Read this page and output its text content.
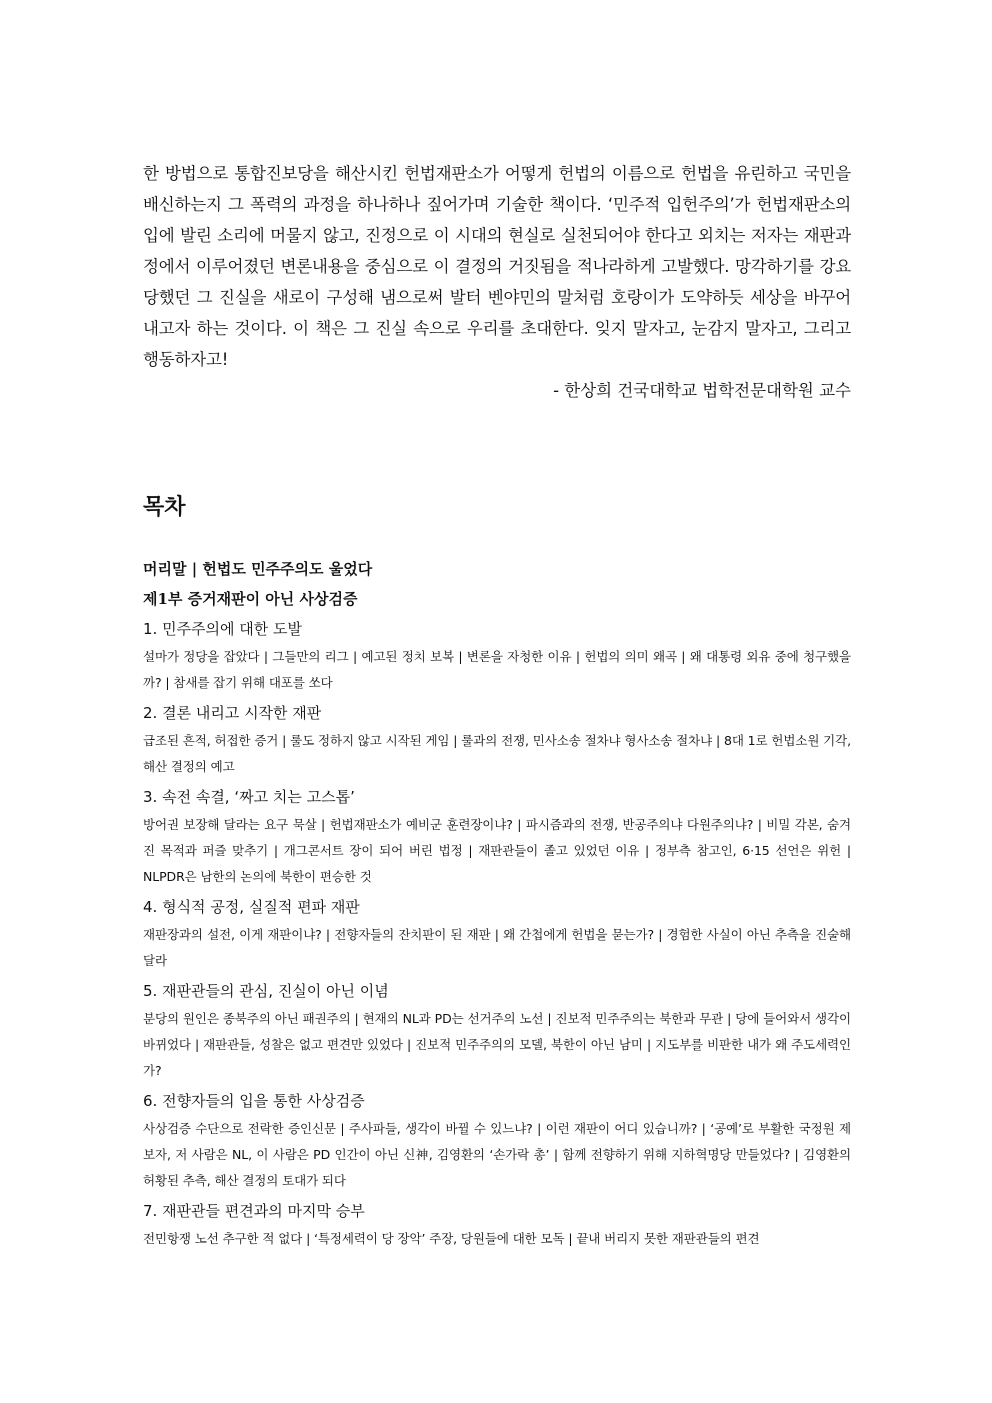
한 방법으로 통합진보당을 해산시킨 헌법재판소가 어떻게 헌법의 이름으로 헌법을 유린하고 국민을 배신하는지 그 폭력의 과정을 하나하나 짚어가며 기술한 책이다. ‘민주적 입헌주의’가 헌법재판소의 입에 발린 소리에 머물지 않고, 진정으로 이 시대의 현실로 실천되어야 한다고 외치는 저자는 재판과정에서 이루어졌던 변론내용을 중심으로 이 결정의 거짓됨을 적나라하게 고발했다. 망각하기를 강요당했던 그 진실을 새로이 구성해 냄으로써 발터 벤야민의 말처럼 호랑이가 도약하듯 세상을 바꾸어 내고자 하는 것이다. 이 책은 그 진실 속으로 우리를 초대한다. 잊지 말자고, 눈감지 말자고, 그리고 행동하자고!

- 한상희 건국대학교 법학전문대학원 교수

목차

머리말 | 헌법도 민주주의도 울었다

제1부 증거재판이 아닌 사상검증

1. 민주주의에 대한 도발

설마가 정당을 잡았다 | 그들만의 리그 | 예고된 정치 보복 | 변론을 자청한 이유 | 헌법의 의미 왜곡 | 왜 대통령 외유 중에 청구했을까? | 참새를 잡기 위해 대포를 쏘다

2. 결론 내리고 시작한 재판

급조된 흔적, 허접한 증거 | 룰도 정하지 않고 시작된 게임 | 룰과의 전쟁, 민사소송 절차냐 형사소송 절차냐 | 8대 1로 헌법소원 기각, 해산 결정의 예고

3. 속전 속결, ‘짜고 치는 고스톱’

방어권 보장해 달라는 요구 묵살 | 헌법재판소가 예비군 훈련장이냐? | 파시즘과의 전쟁, 반공주의냐 다원주의냐? | 비밀 각본, 숨겨진 목적과 퍼즐 맞추기 | 개그콘서트 장이 되어 버린 법정 | 재판관들이 졸고 있었던 이유 | 정부측 참고인, 6·15 선언은 위헌 | NLPDR은 남한의 논의에 북한이 편승한 것

4. 형식적 공정, 실질적 편파 재판

재판장과의 설전, 이게 재판이냐? | 전향자들의 잔치판이 된 재판 | 왜 간첩에게 헌법을 묻는가? | 경험한 사실이 아닌 추측을 진술해 달라

5. 재판관들의 관심, 진실이 아닌 이념

분당의 원인은 종북주의 아닌 패권주의 | 현재의 NL과 PD는 선거주의 노선 | 진보적 민주주의는 북한과 무관 | 당에 들어와서 생각이 바뀌었다 | 재판관들, 성찰은 없고 편견만 있었다 | 진보적 민주주의의 모델, 북한이 아닌 남미 | 지도부를 비판한 내가 왜 주도세력인가?

6. 전향자들의 입을 통한 사상검증

사상검증 수단으로 전락한 증인신문 | 주사파들, 생각이 바뀔 수 있느냐? | 이런 재판이 어디 있습니까? | ‘공예’로 부활한 국정원 제보자, 저 사람은 NL, 이 사람은 PD 인간이 아닌 신神, 김영환의 ‘손가락 총’ | 함께 전향하기 위해 지하혁명당 만들었다? | 김영환의 허황된 추측, 해산 결정의 토대가 되다

7. 재판관들 편견과의 마지막 승부

전민항쟁 노선 추구한 적 없다 | ‘특정세력이 당 장악’ 주장, 당원들에 대한 모독 | 끝내 버리지 못한 재판관들의 편견
